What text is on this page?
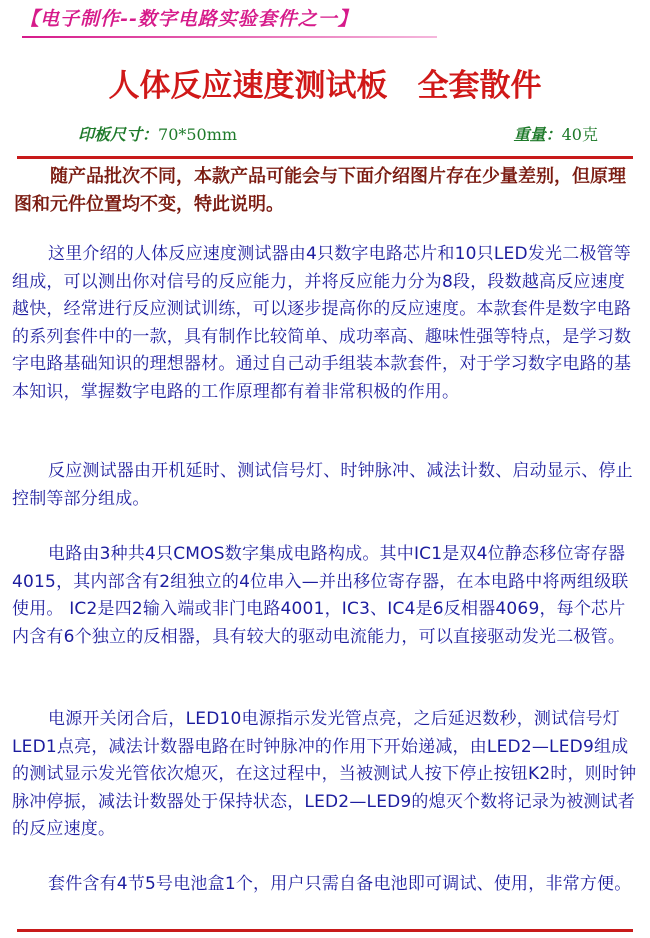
【电子制作--数字电路实验套件之一】
人体反应速度测试板 全套散件
印板尺寸：70*50mm	重量：40克

随产品批次不同，本款产品可能会与下面介绍图片存在少量差别，但原理图和元件位置均不变，特此说明。

这里介绍的人体反应速度测试器由4只数字电路芯片和10只LED发光二极管等组成，可以测出你对信号的反应能力，并将反应能力分为8段，段数越高反应速度越快，经常进行反应测试训练，可以逐步提高你的反应速度。本款套件是数字电路的系列套件中的一款，具有制作比较简单、成功率高、趣味性强等特点，是学习数字电路基础知识的理想器材。通过自己动手组装本款套件，对于学习数字电路的基本知识，掌握数字电路的工作原理都有着非常积极的作用。

反应测试器由开机延时、测试信号灯、时钟脉冲、减法计数、启动显示、停止控制等部分组成。

电路由3种共4只CMOS数字集成电路构成。其中IC1是双4位静态移位寄存器4015，其内部含有2组独立的4位串入—并出移位寄存器，在本电路中将两组级联使用。 IC2是四2输入端或非门电路4001，IC3、IC4是6反相器4069，每个芯片内含有6个独立的反相器，具有较大的驱动电流能力，可以直接驱动发光二极管。

电源开关闭合后，LED10电源指示发光管点亮，之后延迟数秒，测试信号灯LED1点亮，减法计数器电路在时钟脉冲的作用下开始递减，由LED2—LED9组成的测试显示发光管依次熄灭，在这过程中，当被测试人按下停止按钮K2时，则时钟脉冲停振，减法计数器处于保持状态，LED2—LED9的熄灭个数将记录为被测试者的反应速度。

套件含有4节5号电池盒1个，用户只需自备电池即可调试、使用，非常方便。
